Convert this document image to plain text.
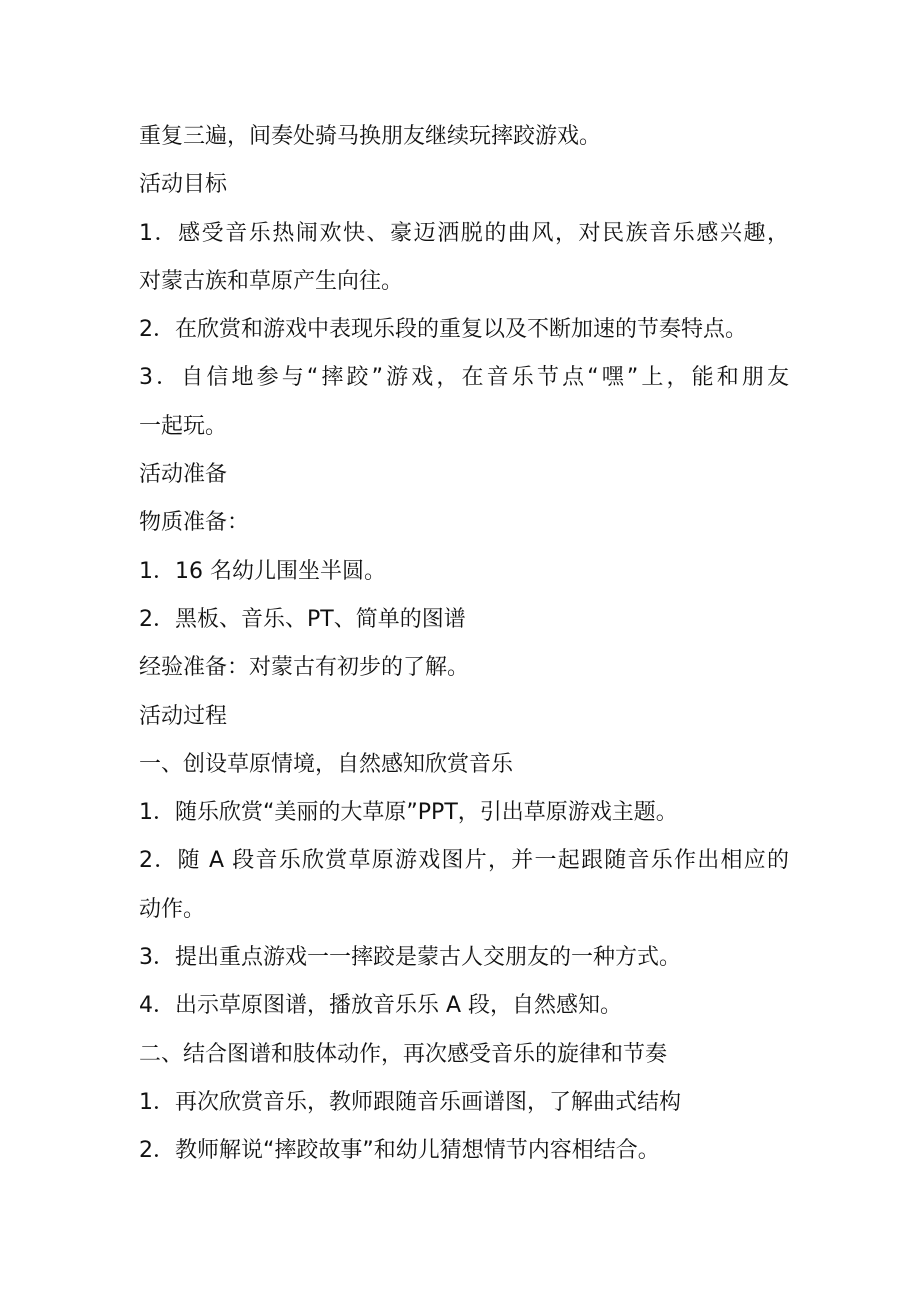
重复三遍，间奏处骑马换朋友继续玩摔跤游戏。
活动目标
1．感受音乐热闹欢快、豪迈洒脱的曲风，对民族音乐感兴趣，
对蒙古族和草原产生向往。
2．在欣赏和游戏中表现乐段的重复以及不断加速的节奏特点。
3．自信地参与“摔跤”游戏，在音乐节点“嘿”上，能和朋友
一起玩。
活动准备
物质准备：
1．16 名幼儿围坐半圆。
2．黑板、音乐、PT、简单的图谱
经验准备：对蒙古有初步的了解。
活动过程
一、创设草原情境，自然感知欣赏音乐
1．随乐欣赏“美丽的大草原”PPT，引出草原游戏主题。
2．随 A 段音乐欣赏草原游戏图片，并一起跟随音乐作出相应的
动作。
3．提出重点游戏一一摔跤是蒙古人交朋友的一种方式。
4．出示草原图谱，播放音乐乐 A 段，自然感知。
二、结合图谱和肢体动作，再次感受音乐的旋律和节奏
1．再次欣赏音乐，教师跟随音乐画谱图，了解曲式结构
2．教师解说“摔跤故事”和幼儿猜想情节内容相结合。
